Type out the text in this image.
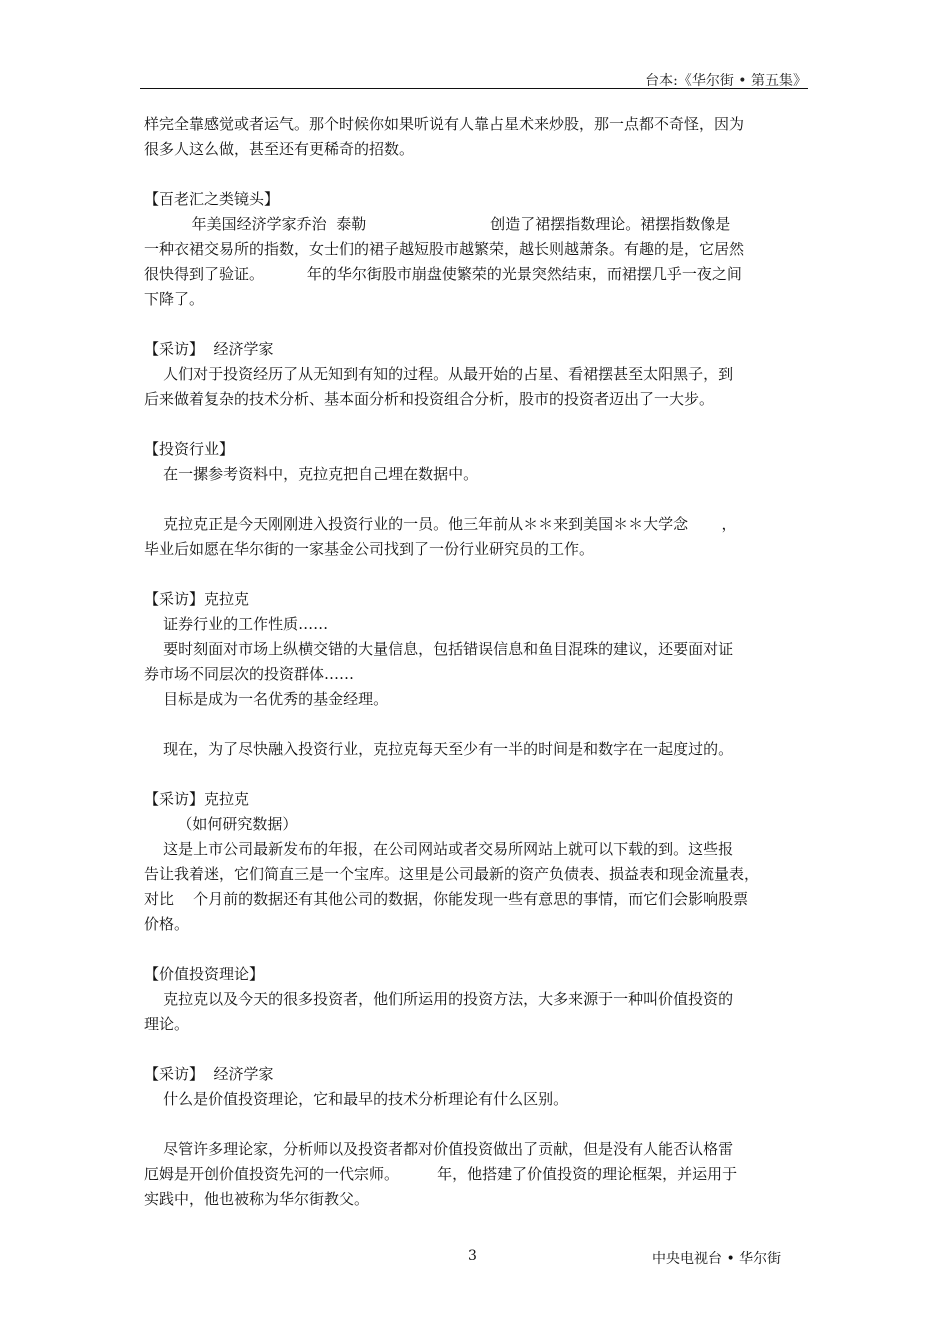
台本:《华尔街 • 第五集》
样完全靠感觉或者运气。那个时候你如果听说有人靠占星术来炒股，那一点都不奇怪，因为
很多人这么做，甚至还有更稀奇的招数。
【百老汇之类镜头】
年美国经济学家乔治  泰勒                          创造了裙摆指数理论。裙摆指数像是
一种衣裙交易所的指数，女士们的裙子越短股市越繁荣，越长则越萧条。有趣的是，它居然
很快得到了验证。         年的华尔街股市崩盘使繁荣的光景突然结束，而裙摆几乎一夜之间
下降了。
【采访】  经济学家
人们对于投资经历了从无知到有知的过程。从最开始的占星、看裙摆甚至太阳黑子，到
后来做着复杂的技术分析、基本面分析和投资组合分析，股市的投资者迈出了一大步。
【投资行业】
在一摞参考资料中，克拉克把自己埋在数据中。
克拉克正是今天刚刚进入投资行业的一员。他三年前从＊＊来到美国＊＊大学念       ，
毕业后如愿在华尔街的一家基金公司找到了一份行业研究员的工作。
【采访】克拉克
证券行业的工作性质……
要时刻面对市场上纵横交错的大量信息，包括错误信息和鱼目混珠的建议，还要面对证
券市场不同层次的投资群体……
目标是成为一名优秀的基金经理。
现在，为了尽快融入投资行业，克拉克每天至少有一半的时间是和数字在一起度过的。
【采访】克拉克
（如何研究数据）
这是上市公司最新发布的年报，在公司网站或者交易所网站上就可以下载的到。这些报
告让我着迷，它们简直三是一个宝库。这里是公司最新的资产负债表、损益表和现金流量表，
对比    个月前的数据还有其他公司的数据，你能发现一些有意思的事情，而它们会影响股票
价格。
【价值投资理论】
克拉克以及今天的很多投资者，他们所运用的投资方法，大多来源于一种叫价值投资的
理论。
【采访】  经济学家
什么是价值投资理论，它和最早的技术分析理论有什么区别。
尽管许多理论家，分析师以及投资者都对价值投资做出了贡献，但是没有人能否认格雷
厄姆是开创价值投资先河的一代宗师。        年，他搭建了价值投资的理论框架，并运用于
实践中，他也被称为华尔街教父。
3	中央电视台 • 华尔街
